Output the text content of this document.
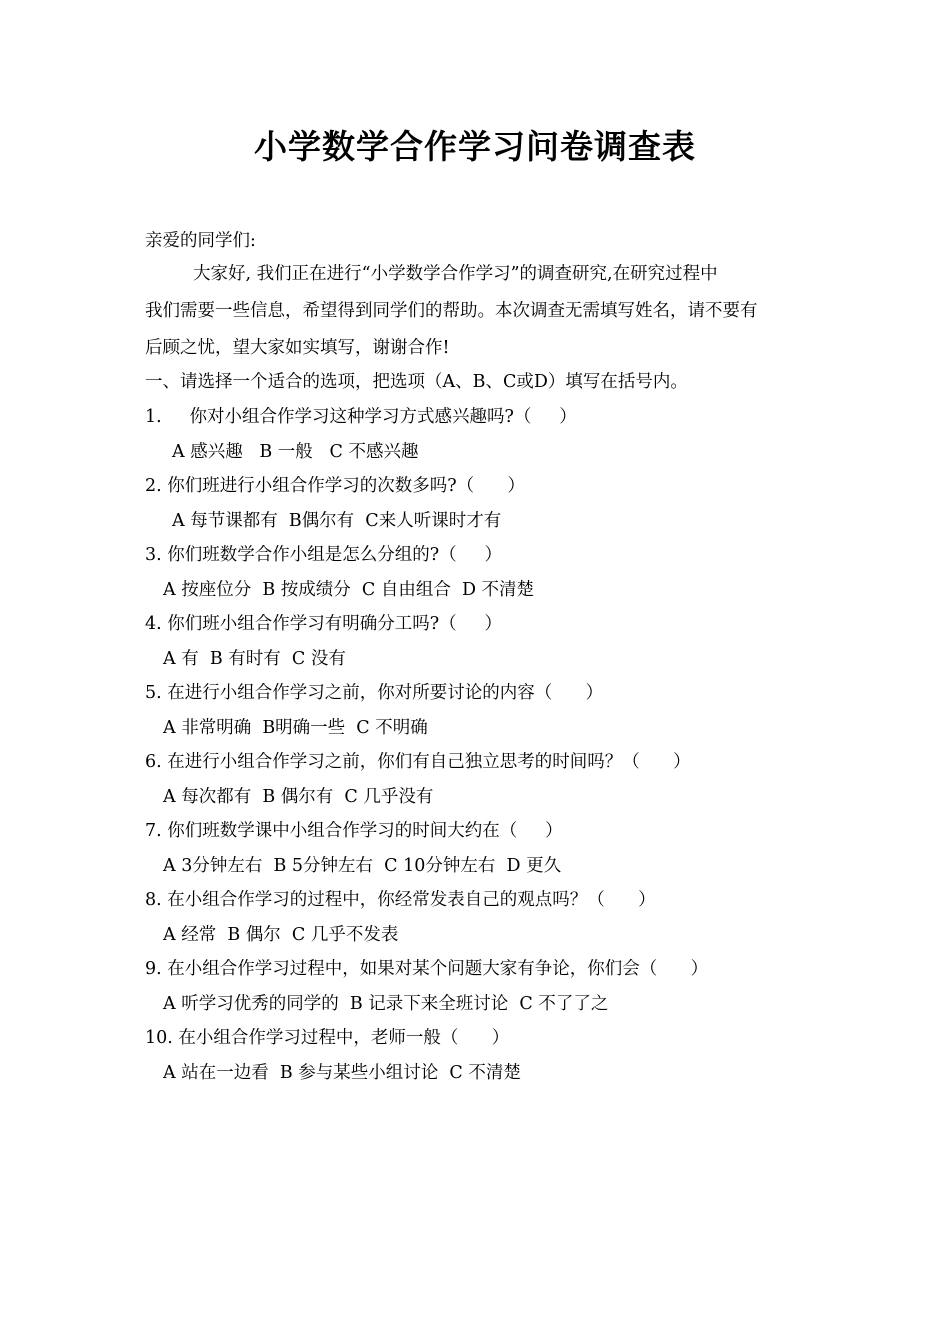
小学数学合作学习问卷调查表
亲爱的同学们:
大家好, 我们正在进行“小学数学合作学习”的调查研究,在研究过程中
我们需要一些信息，希望得到同学们的帮助。本次调查无需填写姓名，请不要有
后顾之忧，望大家如实填写，谢谢合作!
一、请选择一个适合的选项，把选项（A、B、C或D）填写在括号内。
1.     你对小组合作学习这种学习方式感兴趣吗?（     ）
A 感兴趣   B 一般   C 不感兴趣
2. 你们班进行小组合作学习的次数多吗?（      ）
A 每节课都有  B偶尔有  C来人听课时才有
3. 你们班数学合作小组是怎么分组的?（     ）
A 按座位分  B 按成绩分  C 自由组合  D 不清楚
4. 你们班小组合作学习有明确分工吗?（     ）
A 有  B 有时有  C 没有
5. 在进行小组合作学习之前，你对所要讨论的内容（      ）
A 非常明确  B明确一些  C 不明确
6. 在进行小组合作学习之前，你们有自己独立思考的时间吗？（      ）
A 每次都有  B 偶尔有  C 几乎没有
7. 你们班数学课中小组合作学习的时间大约在（     ）
A 3分钟左右  B 5分钟左右  C 10分钟左右  D 更久
8. 在小组合作学习的过程中，你经常发表自己的观点吗？（      ）
A 经常  B 偶尔  C 几乎不发表
9. 在小组合作学习过程中，如果对某个问题大家有争论，你们会（      ）
A 听学习优秀的同学的  B 记录下来全班讨论  C 不了了之
10. 在小组合作学习过程中，老师一般（      ）
A 站在一边看  B 参与某些小组讨论  C 不清楚
